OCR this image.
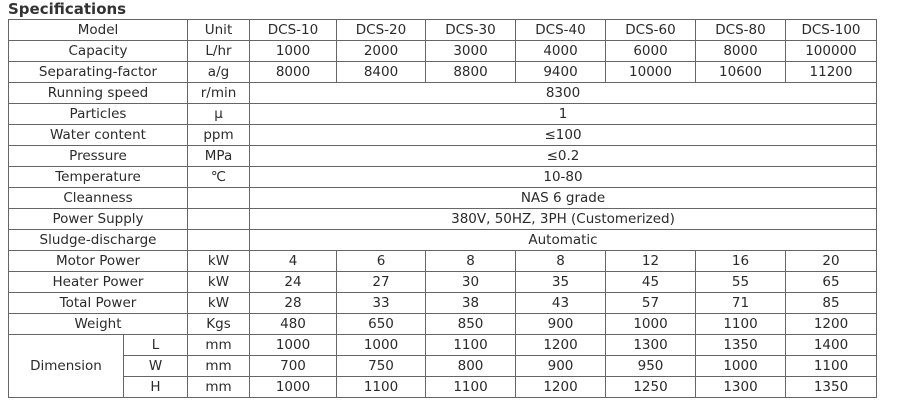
Specifications
Model		Unit	DCS-10	DCS-20	DCS-30	DCS-40	DCS-60	DCS-80	DCS-100
Capacity		L/hr	1000	2000	3000	4000	6000	8000	100000
Separating-factor		a/g	8000	8400	8800	9400	10000	10600	11200
Running speed		r/min	8300						
Particles		μ	1						
Water content		ppm	≤100						
Pressure		MPa	≤0.2						
Temperature		℃	10-80						
Cleanness			NAS 6 grade						
Power Supply			380V, 50HZ, 3PH (Customerized)						
Sludge-discharge			Automatic						
Motor Power		kW	4	6	8	8	12	16	20
Heater Power		kW	24	27	30	35	45	55	65
Total Power		kW	28	33	38	43	57	71	85
Weight		Kgs	480	650	850	900	1000	1100	1200
Dimension	L	mm	1000	1000	1100	1200	1300	1350	1400
	W	mm	700	750	800	900	950	1000	1100
	H	mm	1000	1100	1100	1200	1250	1300	1350
